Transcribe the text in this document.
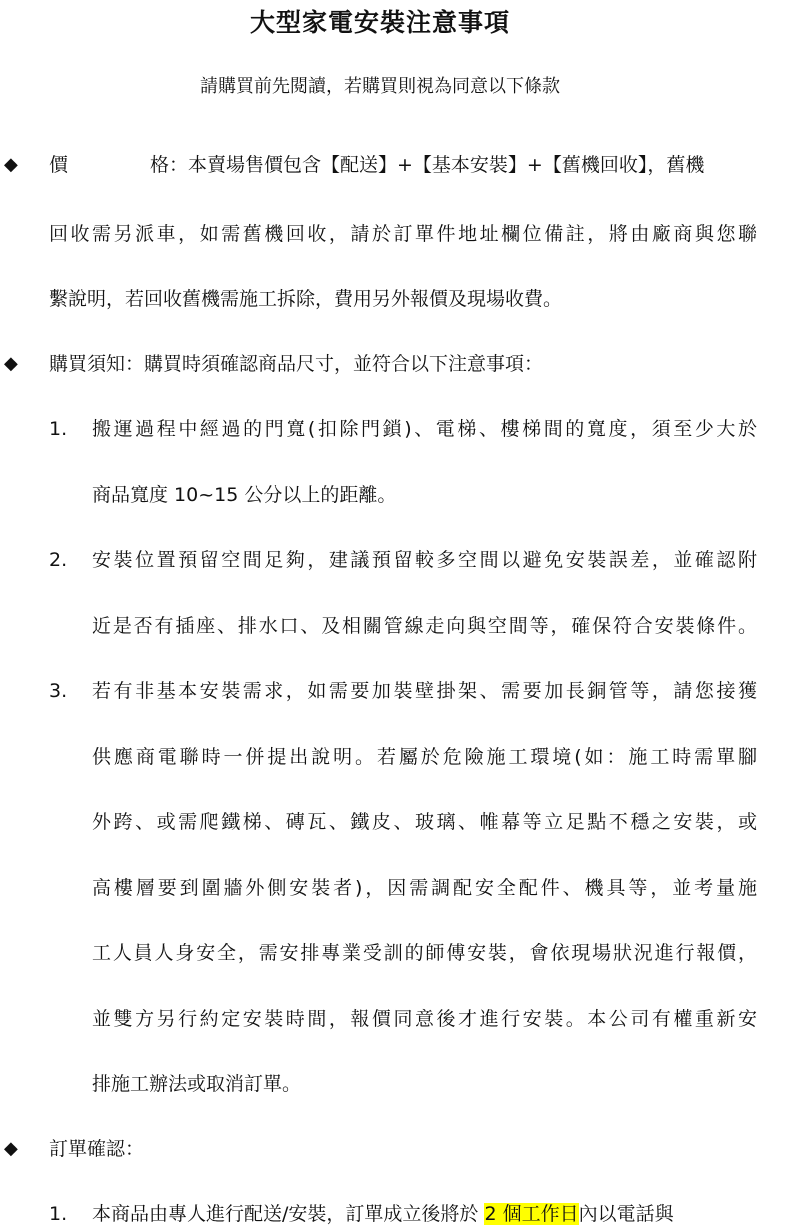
大型家電安裝注意事項
請購買前先閱讀，若購買則視為同意以下條款
◆ 價　格：本賣場售價包含【配送】+【基本安裝】+【舊機回收】，舊機
回收需另派車，如需舊機回收，請於訂單件地址欄位備註，將由廠商與您聯
繫說明，若回收舊機需施工拆除，費用另外報價及現場收費。
◆ 購買須知：購買時須確認商品尺寸，並符合以下注意事項：
1. 搬運過程中經過的門寬(扣除門鎖)、電梯、樓梯間的寬度，須至少大於
商品寬度 10~15 公分以上的距離。
2. 安裝位置預留空間足夠，建議預留較多空間以避免安裝誤差，並確認附
近是否有插座、排水口、及相關管線走向與空間等，確保符合安裝條件。
3. 若有非基本安裝需求，如需要加裝壁掛架、需要加長銅管等，請您接獲
供應商電聯時一併提出說明。若屬於危險施工環境(如：施工時需單腳
外跨、或需爬鐵梯、磚瓦、鐵皮、玻璃、帷幕等立足點不穩之安裝，或
高樓層要到圍牆外側安裝者)，因需調配安全配件、機具等，並考量施
工人員人身安全，需安排專業受訓的師傅安裝，會依現場狀況進行報價，
並雙方另行約定安裝時間，報價同意後才進行安裝。本公司有權重新安
排施工辦法或取消訂單。
◆ 訂單確認：
1. 本商品由專人進行配送/安裝，訂單成立後將於 2 個工作日內以電話與
